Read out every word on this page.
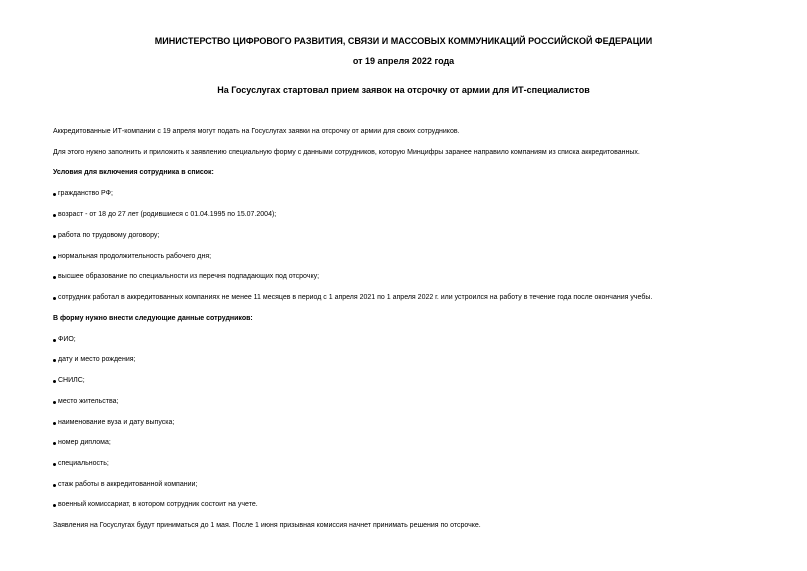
МИНИСТЕРСТВО ЦИФРОВОГО РАЗВИТИЯ, СВЯЗИ И МАССОВЫХ КОММУНИКАЦИЙ РОССИЙСКОЙ ФЕДЕРАЦИИ
от 19 апреля 2022 года
На Госуслугах стартовал прием заявок на отсрочку от армии для ИТ-специалистов
Аккредитованные ИТ-компании с 19 апреля могут подать на Госуслугах заявки на отсрочку от армии для своих сотрудников.
Для этого нужно заполнить и приложить к заявлению специальную форму с данными сотрудников, которую Минцифры заранее направило компаниям из списка аккредитованных.
Условия для включения сотрудника в список:
гражданство РФ;
возраст - от 18 до 27 лет (родившиеся с 01.04.1995 по 15.07.2004);
работа по трудовому договору;
нормальная продолжительность рабочего дня;
высшее образование по специальности из перечня подпадающих под отсрочку;
сотрудник работал в аккредитованных компаниях не менее 11 месяцев в период с 1 апреля 2021 по 1 апреля 2022 г. или устроился на работу в течение года после окончания учебы.
В форму нужно внести следующие данные сотрудников:
ФИО;
дату и место рождения;
СНИЛС;
место жительства;
наименование вуза и дату выпуска;
номер диплома;
специальность;
стаж работы в аккредитованной компании;
военный комиссариат, в котором сотрудник состоит на учете.
Заявления на Госуслугах будут приниматься до 1 мая. После 1 июня призывная комиссия начнет принимать решения по отсрочке.
